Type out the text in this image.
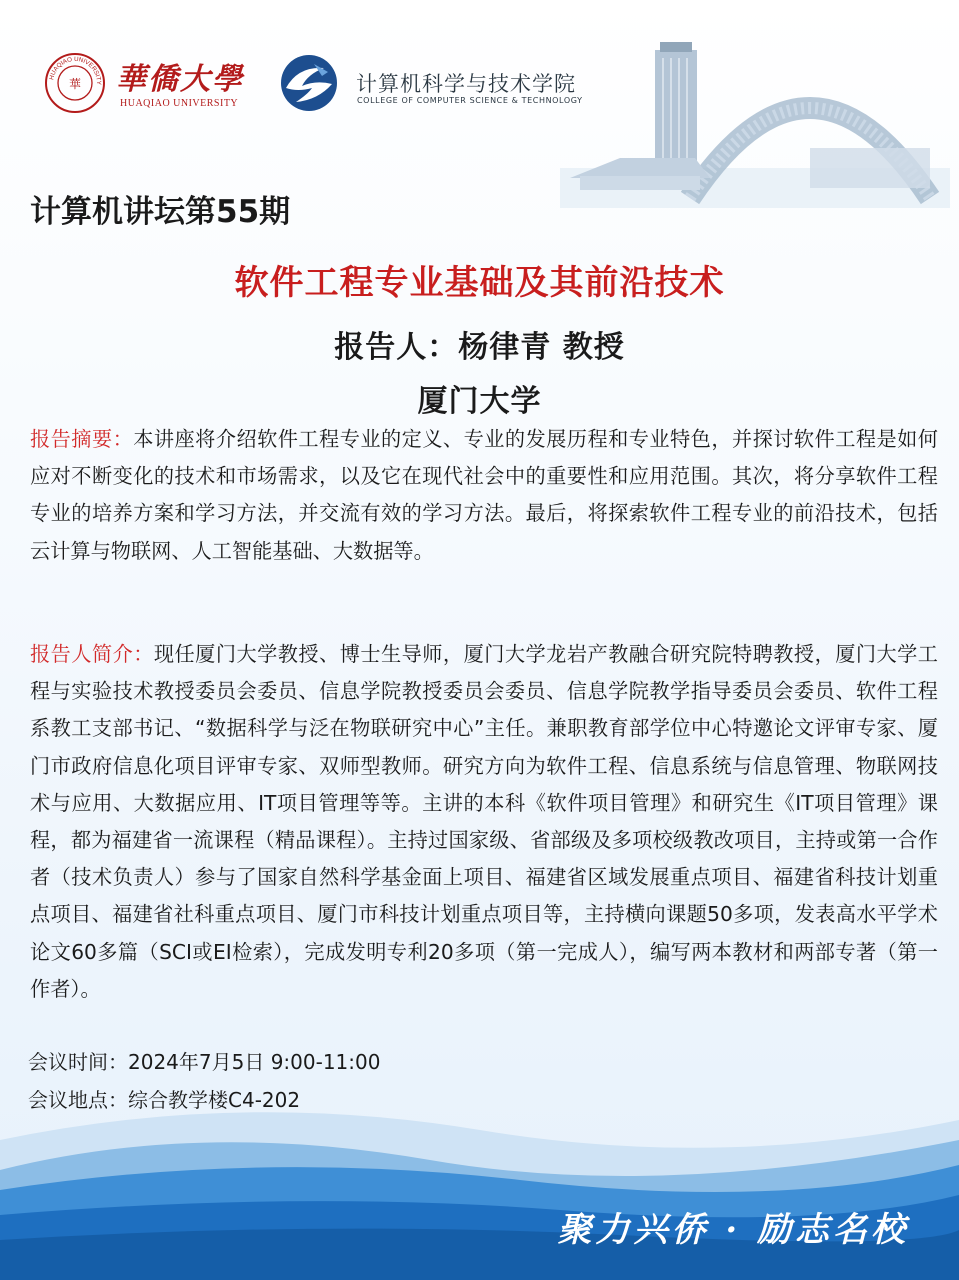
HUAQIAO UNIVERSITY
華 華僑大學
HUAQIAO UNIVERSITY
计算机科学与技术学院
COLLEGE OF COMPUTER SCIENCE & TECHNOLOGY
计算机讲坛第55期
软件工程专业基础及其前沿技术
报告人：杨律青 教授
厦门大学
报告摘要：本讲座将介绍软件工程专业的定义、专业的发展历程和专业特色，并探讨软件工程是如何应对不断变化的技术和市场需求，以及它在现代社会中的重要性和应用范围。其次，将分享软件工程专业的培养方案和学习方法，并交流有效的学习方法。最后，将探索软件工程专业的前沿技术，包括云计算与物联网、人工智能基础、大数据等。
报告人简介：现任厦门大学教授、博士生导师，厦门大学龙岩产教融合研究院特聘教授，厦门大学工程与实验技术教授委员会委员、信息学院教授委员会委员、信息学院教学指导委员会委员、软件工程系教工支部书记、“数据科学与泛在物联研究中心”主任。兼职教育部学位中心特邀论文评审专家、厦门市政府信息化项目评审专家、双师型教师。研究方向为软件工程、信息系统与信息管理、物联网技术与应用、大数据应用、IT项目管理等等。主讲的本科《软件项目管理》和研究生《IT项目管理》课程，都为福建省一流课程（精品课程）。主持过国家级、省部级及多项校级教改项目，主持或第一合作者（技术负责人）参与了国家自然科学基金面上项目、福建省区域发展重点项目、福建省科技计划重点项目、福建省社科重点项目、厦门市科技计划重点项目等，主持横向课题50多项，发表高水平学术论文60多篇（SCI或EI检索），完成发明专利20多项（第一完成人），编写两本教材和两部专著（第一作者）。
会议时间：2024年7月5日 9:00-11:00
会议地点：综合教学楼C4-202
聚力兴侨 · 励志名校
